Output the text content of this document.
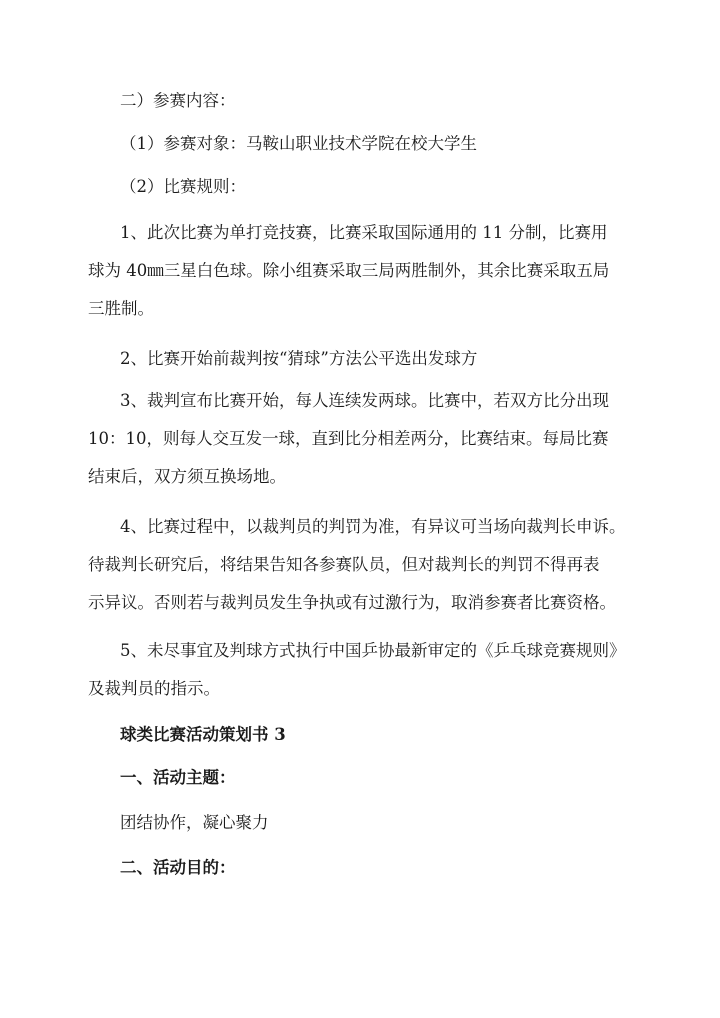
二）参赛内容：

（1）参赛对象：马鞍山职业技术学院在校大学生

（2）比赛规则：

1、此次比赛为单打竞技赛，比赛采取国际通用的 11 分制，比赛用
球为 40㎜三星白色球。除小组赛采取三局两胜制外，其余比赛采取五局
三胜制。
2、比赛开始前裁判按“猜球”方法公平选出发球方
3、裁判宣布比赛开始，每人连续发两球。比赛中，若双方比分出现
10：10，则每人交互发一球，直到比分相差两分，比赛结束。每局比赛
结束后，双方须互换场地。
4、比赛过程中，以裁判员的判罚为准，有异议可当场向裁判长申诉。
待裁判长研究后，将结果告知各参赛队员，但对裁判长的判罚不得再表
示异议。否则若与裁判员发生争执或有过激行为，取消参赛者比赛资格。
5、未尽事宜及判球方式执行中国乒协最新审定的《乒乓球竞赛规则》
及裁判员的指示。

球类比赛活动策划书 3

一、活动主题：

团结协作，凝心聚力

二、活动目的：
